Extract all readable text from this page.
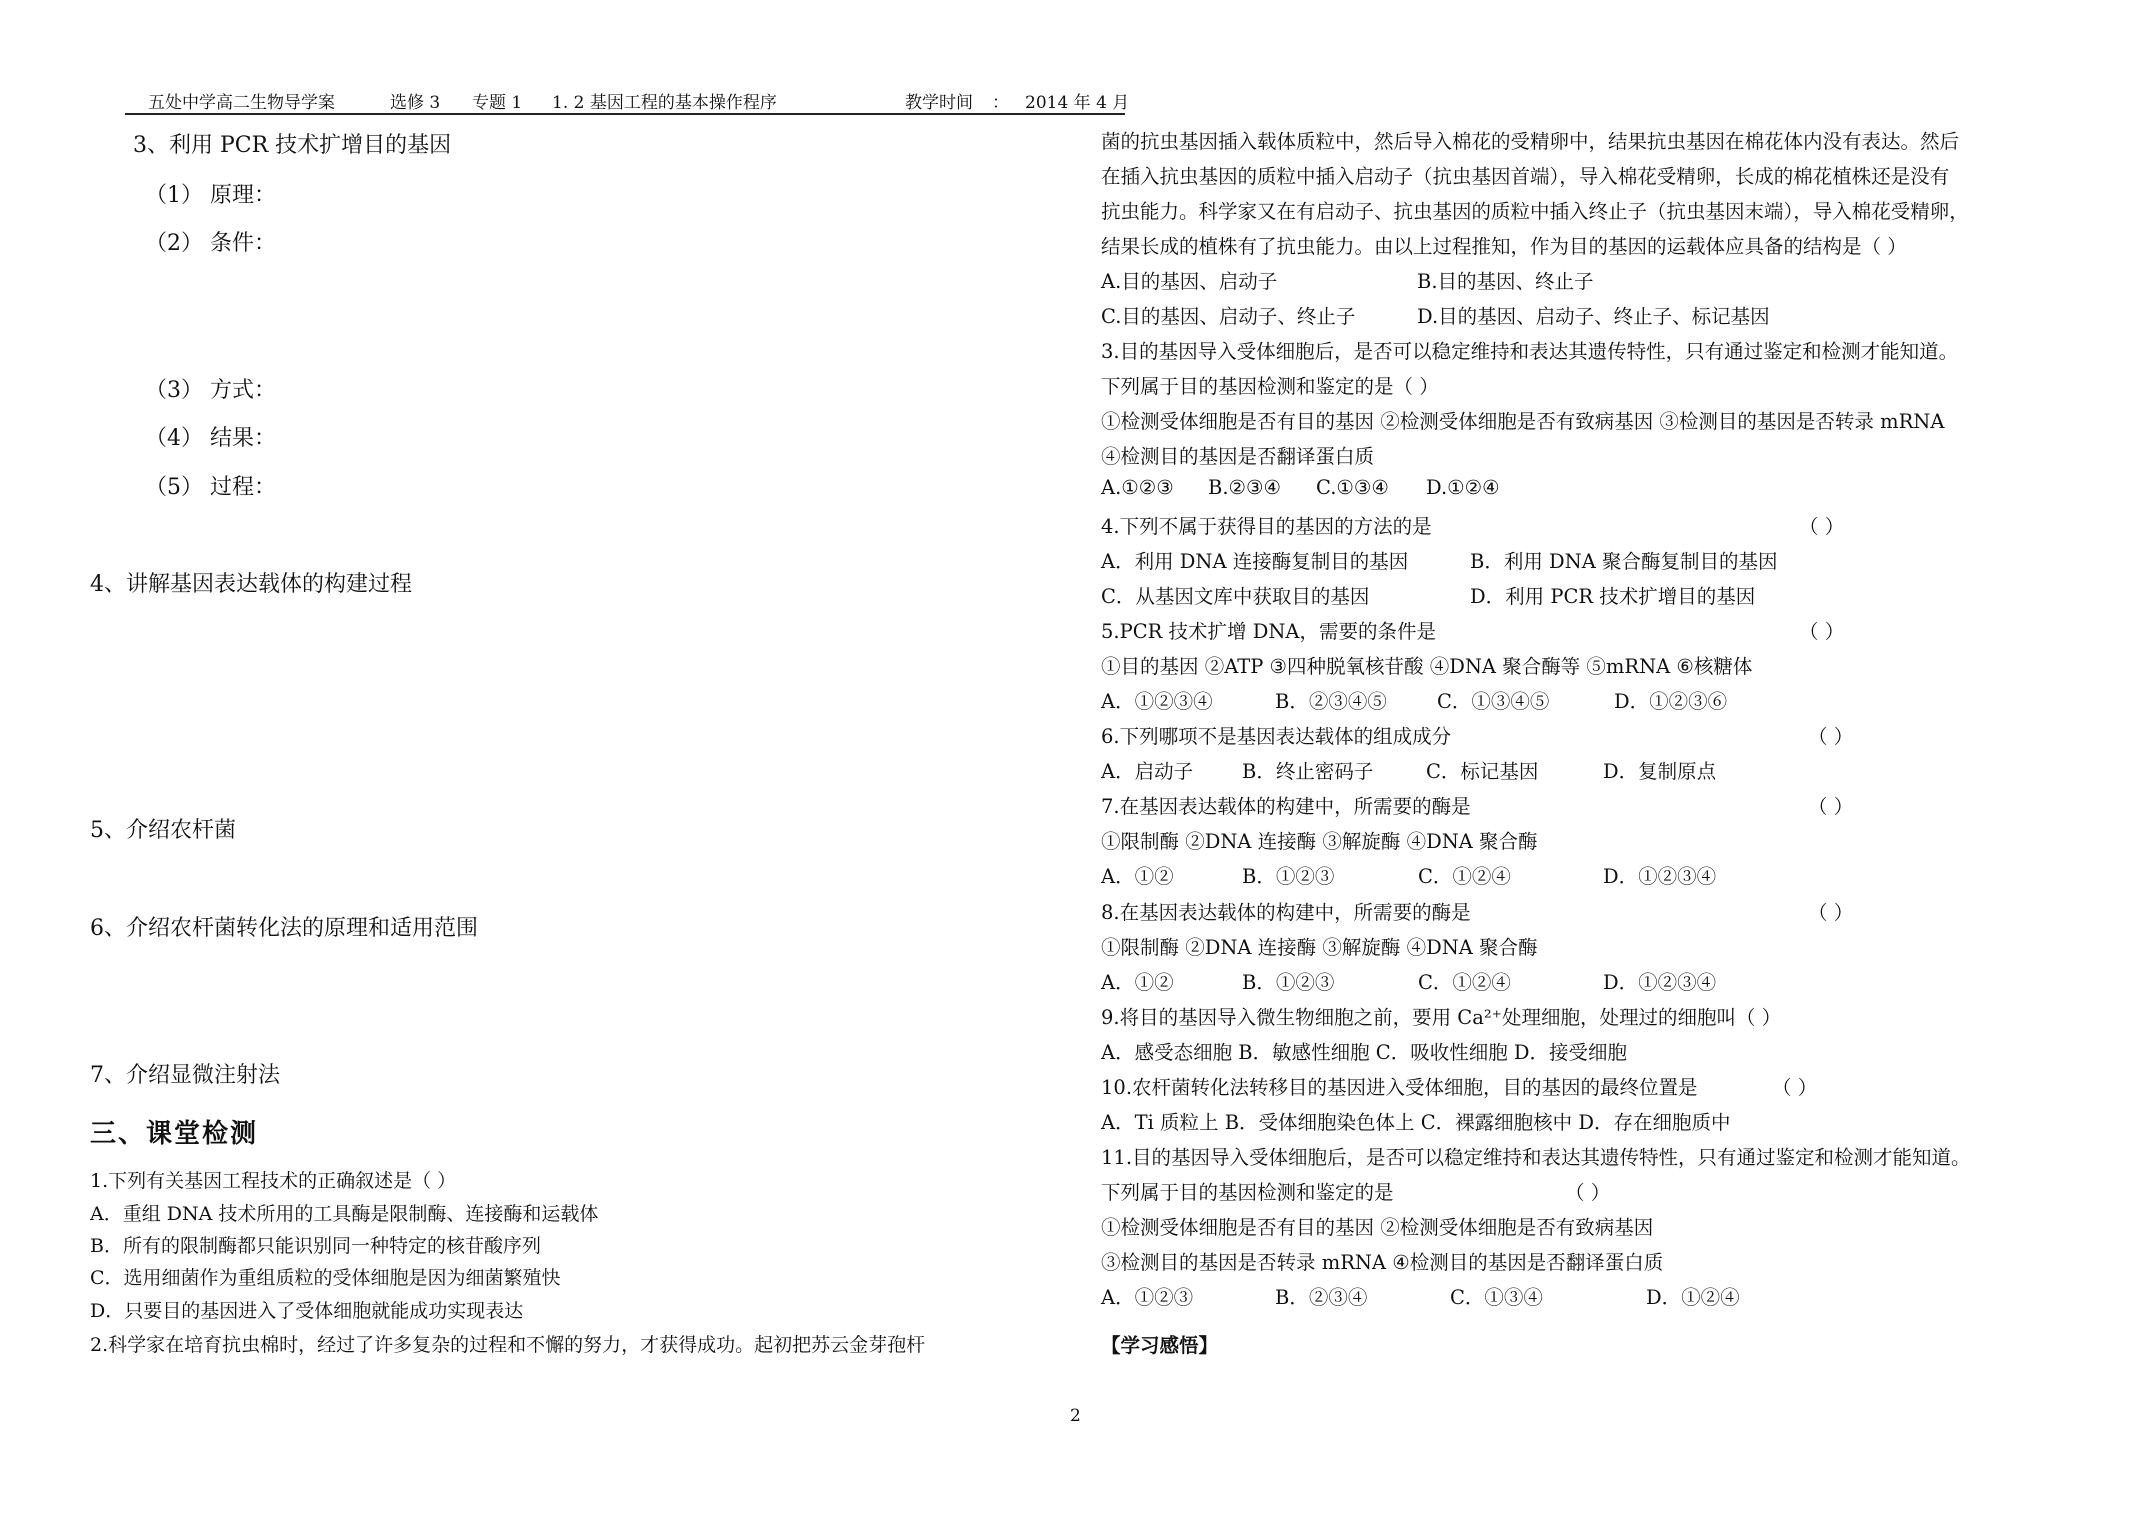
五处中学高二生物导学案	选修 3 专题 1 1. 2 基因工程的基本操作程序	教学时间 ： 2014 年 4 月
3、利用 PCR 技术扩增目的基因
（1） 原理：
（2） 条件：
（3） 方式：
（4） 结果：
（5） 过程：
4、讲解基因表达载体的构建过程
5、介绍农杆菌
6、介绍农杆菌转化法的原理和适用范围
7、介绍显微注射法
三、课堂检测
1.下列有关基因工程技术的正确叙述是（ ）
A．重组 DNA 技术所用的工具酶是限制酶、连接酶和运载体
B．所有的限制酶都只能识别同一种特定的核苷酸序列
C．选用细菌作为重组质粒的受体细胞是因为细菌繁殖快
D．只要目的基因进入了受体细胞就能成功实现表达
2.科学家在培育抗虫棉时，经过了许多复杂的过程和不懈的努力，才获得成功。起初把苏云金芽孢杆
菌的抗虫基因插入载体质粒中，然后导入棉花的受精卵中，结果抗虫基因在棉花体内没有表达。然后
在插入抗虫基因的质粒中插入启动子（抗虫基因首端），导入棉花受精卵，长成的棉花植株还是没有
抗虫能力。科学家又在有启动子、抗虫基因的质粒中插入终止子（抗虫基因末端），导入棉花受精卵，
结果长成的植株有了抗虫能力。由以上过程推知，作为目的基因的运载体应具备的结构是（ ）
A.目的基因、启动子	B.目的基因、终止子
C.目的基因、启动子、终止子	D.目的基因、启动子、终止子、标记基因
3.目的基因导入受体细胞后，是否可以稳定维持和表达其遗传特性，只有通过鉴定和检测才能知道。
下列属于目的基因检测和鉴定的是（ ）
①检测受体细胞是否有目的基因 ②检测受体细胞是否有致病基因 ③检测目的基因是否转录 mRNA
④检测目的基因是否翻译蛋白质
A.①②③ B.②③④ C.①③④ D.①②④
4.下列不属于获得目的基因的方法的是	（ ）
A．利用 DNA 连接酶复制目的基因	B．利用 DNA 聚合酶复制目的基因
C．从基因文库中获取目的基因	D．利用 PCR 技术扩增目的基因
5.PCR 技术扩增 DNA，需要的条件是	（ ）
①目的基因 ②ATP ③四种脱氧核苷酸 ④DNA 聚合酶等 ⑤mRNA ⑥核糖体
A．①②③④	B．②③④⑤	C．①③④⑤	D．①②③⑥
6.下列哪项不是基因表达载体的组成成分	（ ）
A．启动子	B．终止密码子	C．标记基因	D．复制原点
7.在基因表达载体的构建中，所需要的酶是	（ ）
①限制酶 ②DNA 连接酶 ③解旋酶 ④DNA 聚合酶
A．①②	B．①②③	C．①②④	D．①②③④
8.在基因表达载体的构建中，所需要的酶是	（ ）
①限制酶 ②DNA 连接酶 ③解旋酶 ④DNA 聚合酶
A．①②	B．①②③	C．①②④	D．①②③④
9.将目的基因导入微生物细胞之前，要用 Ca²⁺处理细胞，处理过的细胞叫（ ）
A．感受态细胞 B．敏感性细胞 C．吸收性细胞 D．接受细胞
10.农杆菌转化法转移目的基因进入受体细胞，目的基因的最终位置是	（ ）
A．Ti 质粒上 B．受体细胞染色体上 C．裸露细胞核中 D．存在细胞质中
11.目的基因导入受体细胞后，是否可以稳定维持和表达其遗传特性，只有通过鉴定和检测才能知道。
下列属于目的基因检测和鉴定的是	（ ）
①检测受体细胞是否有目的基因 ②检测受体细胞是否有致病基因
③检测目的基因是否转录 mRNA ④检测目的基因是否翻译蛋白质
A．①②③	B．②③④	C．①③④	D．①②④
【学习感悟】
2
